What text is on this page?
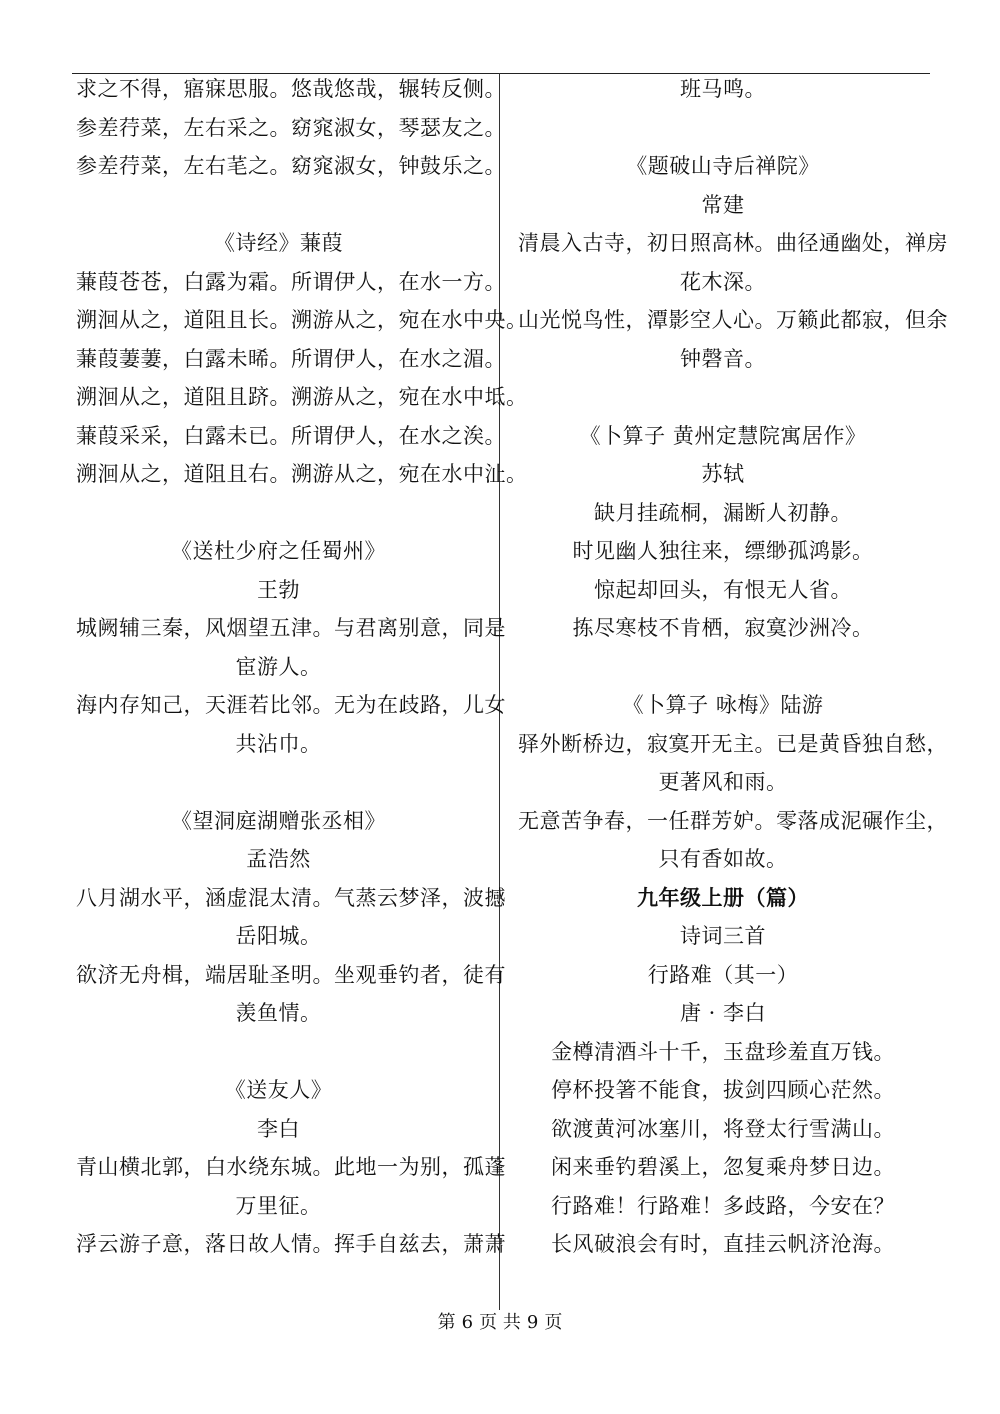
求之不得，寤寐思服。悠哉悠哉，辗转反侧。
参差荇菜，左右采之。窈窕淑女，琴瑟友之。
参差荇菜，左右芼之。窈窕淑女，钟鼓乐之。
《诗经》蒹葭
蒹葭苍苍，白露为霜。所谓伊人，在水一方。
溯洄从之，道阻且长。溯游从之，宛在水中央。
蒹葭萋萋，白露未晞。所谓伊人，在水之湄。
溯洄从之，道阻且跻。溯游从之，宛在水中坻。
蒹葭采采，白露未已。所谓伊人，在水之涘。
溯洄从之，道阻且右。溯游从之，宛在水中沚。
《送杜少府之任蜀州》
王勃
城阙辅三秦，风烟望五津。与君离别意，同是
宦游人。
海内存知己，天涯若比邻。无为在歧路，儿女
共沾巾。
《望洞庭湖赠张丞相》
孟浩然
八月湖水平，涵虚混太清。气蒸云梦泽，波撼
岳阳城。
欲济无舟楫，端居耻圣明。坐观垂钓者，徒有
羡鱼情。
《送友人》
李白
青山横北郭，白水绕东城。此地一为别，孤蓬
万里征。
浮云游子意，落日故人情。挥手自兹去，萧萧
班马鸣。
《题破山寺后禅院》
常建
清晨入古寺，初日照高林。曲径通幽处，禅房
花木深。
山光悦鸟性，潭影空人心。万籁此都寂，但余
钟磬音。
《卜算子 黄州定慧院寓居作》
苏轼
缺月挂疏桐，漏断人初静。
时见幽人独往来，缥缈孤鸿影。
惊起却回头，有恨无人省。
拣尽寒枝不肯栖，寂寞沙洲冷。
《卜算子 咏梅》陆游
驿外断桥边，寂寞开无主。已是黄昏独自愁，
更著风和雨。
无意苦争春，一任群芳妒。零落成泥碾作尘，
只有香如故。
九年级上册（篇）
诗词三首
行路难（其一）
唐 · 李白
金樽清酒斗十千，玉盘珍羞直万钱。
停杯投箸不能食，拔剑四顾心茫然。
欲渡黄河冰塞川，将登太行雪满山。
闲来垂钓碧溪上，忽复乘舟梦日边。
行路难！行路难！多歧路，今安在？
长风破浪会有时，直挂云帆济沧海。
第 6 页 共 9 页
